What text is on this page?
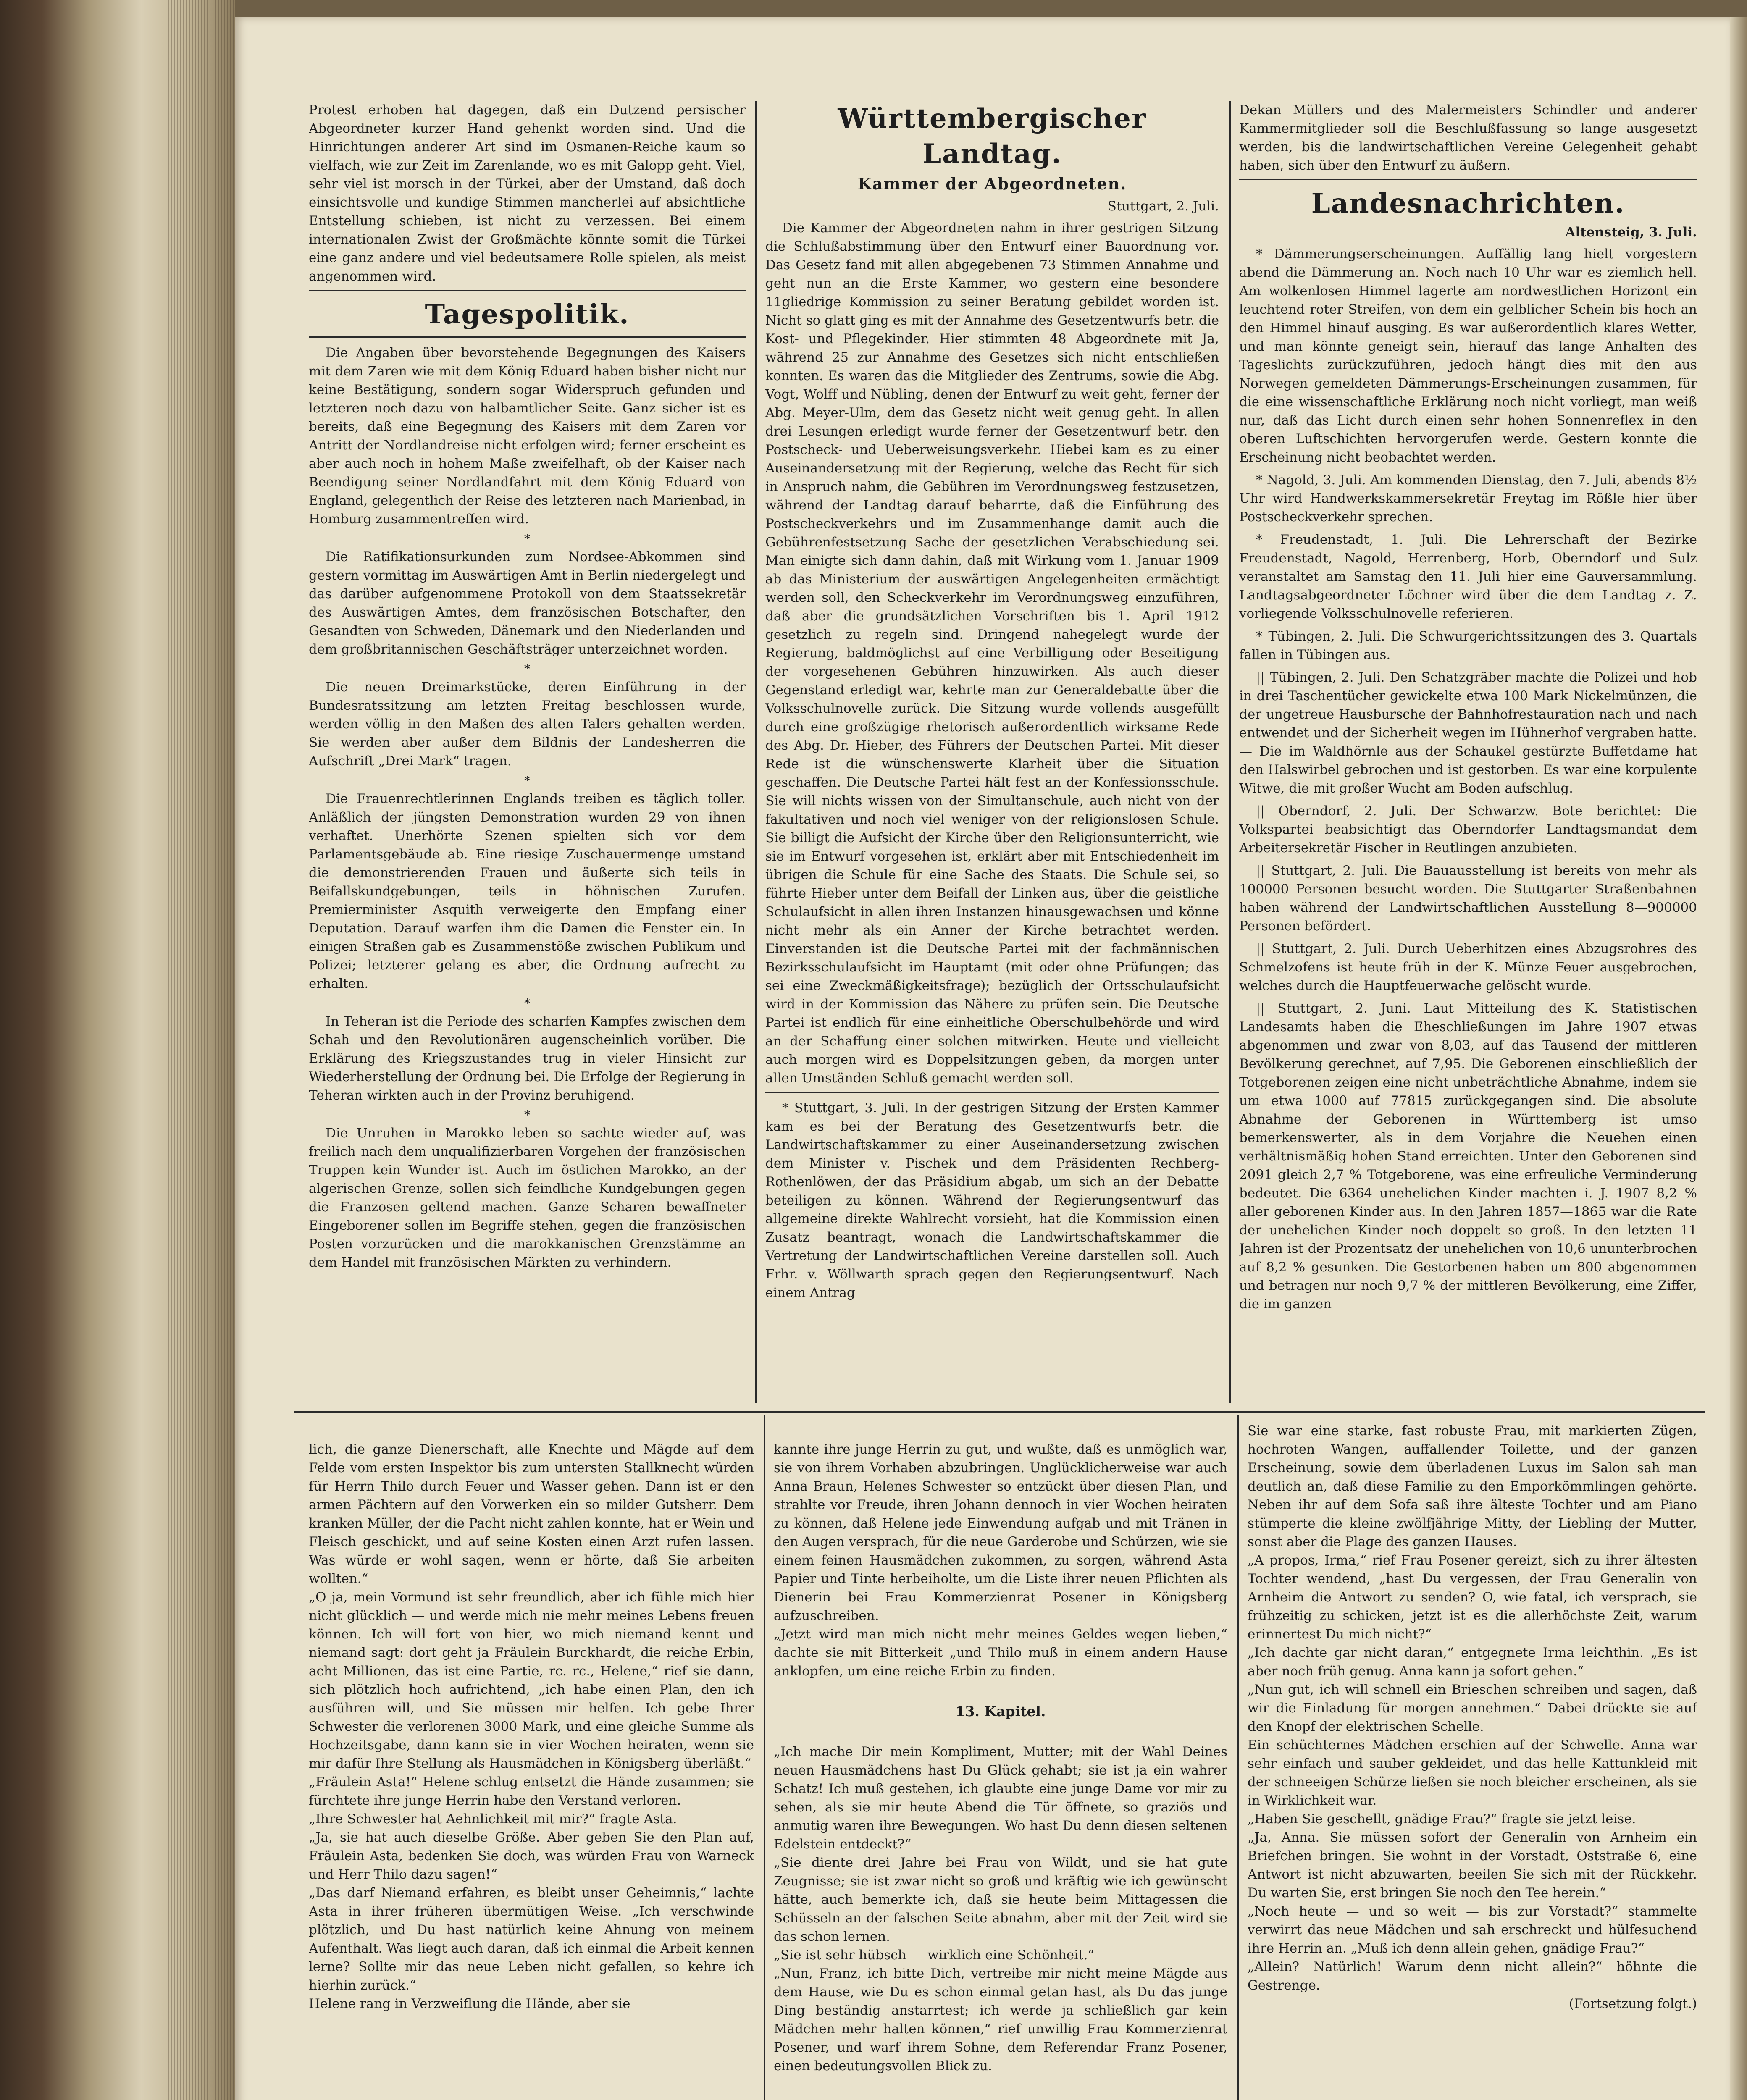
Protest erhoben hat dagegen, daß ein Dutzend persischer Abgeordneter kurzer Hand gehenkt worden sind. Und die Hinrichtungen anderer Art sind im Osmanen-Reiche kaum so vielfach, wie zur Zeit im Zarenlande, wo es mit Galopp geht. Viel, sehr viel ist morsch in der Türkei, aber der Umstand, daß doch einsichtsvolle und kundige Stimmen mancherlei auf absichtliche Entstellung schieben, ist nicht zu verzessen. Bei einem internationalen Zwist der Großmächte könnte somit die Türkei eine ganz andere und viel bedeutsamere Rolle spielen, als meist angenommen wird.

Tagespolitik.

Die Angaben über bevorstehende Begegnungen des Kaisers mit dem Zaren wie mit dem König Eduard haben bisher nicht nur keine Bestätigung, sondern sogar Widerspruch gefunden und letzteren noch dazu von halbamtlicher Seite. Ganz sicher ist es bereits, daß eine Begegnung des Kaisers mit dem Zaren vor Antritt der Nordlandreise nicht erfolgen wird; ferner erscheint es aber auch noch in hohem Maße zweifelhaft, ob der Kaiser nach Beendigung seiner Nordlandfahrt mit dem König Eduard von England, gelegentlich der Reise des letzteren nach Marienbad, in Homburg zusammentreffen wird.

*

Die Ratifikationsurkunden zum Nordsee-Abkommen sind gestern vormittag im Auswärtigen Amt in Berlin niedergelegt und das darüber aufgenommene Protokoll von dem Staatssekretär des Auswärtigen Amtes, dem französischen Botschafter, den Gesandten von Schweden, Dänemark und den Niederlanden und dem großbritannischen Geschäftsträger unterzeichnet worden.

*

Die neuen Dreimarkstücke, deren Einführung in der Bundesratssitzung am letzten Freitag beschlossen wurde, werden völlig in den Maßen des alten Talers gehalten werden. Sie werden aber außer dem Bildnis der Landesherren die Aufschrift „Drei Mark“ tragen.

*

Die Frauenrechtlerinnen Englands treiben es täglich toller. Anläßlich der jüngsten Demonstration wurden 29 von ihnen verhaftet. Unerhörte Szenen spielten sich vor dem Parlamentsgebäude ab. Eine riesige Zuschauermenge umstand die demonstrierenden Frauen und äußerte sich teils in Beifallskundgebungen, teils in höhnischen Zurufen. Premierminister Asquith verweigerte den Empfang einer Deputation. Darauf warfen ihm die Damen die Fenster ein. In einigen Straßen gab es Zusammenstöße zwischen Publikum und Polizei; letzterer gelang es aber, die Ordnung aufrecht zu erhalten.

*

In Teheran ist die Periode des scharfen Kampfes zwischen dem Schah und den Revolutionären augenscheinlich vorüber. Die Erklärung des Kriegszustandes trug in vieler Hinsicht zur Wiederherstellung der Ordnung bei. Die Erfolge der Regierung in Teheran wirkten auch in der Provinz beruhigend.

*

Die Unruhen in Marokko leben so sachte wieder auf, was freilich nach dem unqualifizierbaren Vorgehen der französischen Truppen kein Wunder ist. Auch im östlichen Marokko, an der algerischen Grenze, sollen sich feindliche Kundgebungen gegen die Franzosen geltend machen. Ganze Scharen bewaffneter Eingeborener sollen im Begriffe stehen, gegen die französischen Posten vorzurücken und die marokkanischen Grenzstämme an dem Handel mit französischen Märkten zu verhindern.

Württembergischer Landtag.
Kammer der Abgeordneten.
Stuttgart, 2. Juli.

Die Kammer der Abgeordneten nahm in ihrer gestrigen Sitzung die Schlußabstimmung über den Entwurf einer Bauordnung vor. Das Gesetz fand mit allen abgegebenen 73 Stimmen Annahme und geht nun an die Erste Kammer, wo gestern eine besondere 11gliedrige Kommission zu seiner Beratung gebildet worden ist. Nicht so glatt ging es mit der Annahme des Gesetzentwurfs betr. die Kost- und Pflegekinder. Hier stimmten 48 Abgeordnete mit Ja, während 25 zur Annahme des Gesetzes sich nicht entschließen konnten. Es waren das die Mitglieder des Zentrums, sowie die Abg. Vogt, Wolff und Nübling, denen der Entwurf zu weit geht, ferner der Abg. Meyer-Ulm, dem das Gesetz nicht weit genug geht. In allen drei Lesungen erledigt wurde ferner der Gesetzentwurf betr. den Postscheck- und Ueberweisungsverkehr. Hiebei kam es zu einer Auseinandersetzung mit der Regierung, welche das Recht für sich in Anspruch nahm, die Gebühren im Verordnungsweg festzusetzen, während der Landtag darauf beharrte, daß die Einführung des Postscheckverkehrs und im Zusammenhange damit auch die Gebührenfestsetzung Sache der gesetzlichen Verabschiedung sei. Man einigte sich dann dahin, daß mit Wirkung vom 1. Januar 1909 ab das Ministerium der auswärtigen Angelegenheiten ermächtigt werden soll, den Scheckverkehr im Verordnungsweg einzuführen, daß aber die grundsätzlichen Vorschriften bis 1. April 1912 gesetzlich zu regeln sind. Dringend nahegelegt wurde der Regierung, baldmöglichst auf eine Verbilligung oder Beseitigung der vorgesehenen Gebühren hinzuwirken. Als auch dieser Gegenstand erledigt war, kehrte man zur Generaldebatte über die Volksschulnovelle zurück. Die Sitzung wurde vollends ausgefüllt durch eine großzügige rhetorisch außerordentlich wirksame Rede des Abg. Dr. Hieber, des Führers der Deutschen Partei. Mit dieser Rede ist die wünschenswerte Klarheit über die Situation geschaffen. Die Deutsche Partei hält fest an der Konfessionsschule. Sie will nichts wissen von der Simultanschule, auch nicht von der fakultativen und noch viel weniger von der religionslosen Schule. Sie billigt die Aufsicht der Kirche über den Religionsunterricht, wie sie im Entwurf vorgesehen ist, erklärt aber mit Entschiedenheit im übrigen die Schule für eine Sache des Staats. Die Schule sei, so führte Hieber unter dem Beifall der Linken aus, über die geistliche Schulaufsicht in allen ihren Instanzen hinausgewachsen und könne nicht mehr als ein Anner der Kirche betrachtet werden. Einverstanden ist die Deutsche Partei mit der fachmännischen Bezirksschulaufsicht im Hauptamt (mit oder ohne Prüfungen; das sei eine Zweckmäßigkeitsfrage); bezüglich der Ortsschulaufsicht wird in der Kommission das Nähere zu prüfen sein. Die Deutsche Partei ist endlich für eine einheitliche Oberschulbehörde und wird an der Schaffung einer solchen mitwirken. Heute und vielleicht auch morgen wird es Doppelsitzungen geben, da morgen unter allen Umständen Schluß gemacht werden soll.

* Stuttgart, 3. Juli. In der gestrigen Sitzung der Ersten Kammer kam es bei der Beratung des Gesetzentwurfs betr. die Landwirtschaftskammer zu einer Auseinandersetzung zwischen dem Minister v. Pischek und dem Präsidenten Rechberg-Rothenlöwen, der das Präsidium abgab, um sich an der Debatte beteiligen zu können. Während der Regierungsentwurf das allgemeine direkte Wahlrecht vorsieht, hat die Kommission einen Zusatz beantragt, wonach die Landwirtschaftskammer die Vertretung der Landwirtschaftlichen Vereine darstellen soll. Auch Frhr. v. Wöllwarth sprach gegen den Regierungsentwurf. Nach einem Antrag

Dekan Müllers und des Malermeisters Schindler und anderer Kammermitglieder soll die Beschlußfassung so lange ausgesetzt werden, bis die landwirtschaftlichen Vereine Gelegenheit gehabt haben, sich über den Entwurf zu äußern.

Landesnachrichten.
Altensteig, 3. Juli.

* Dämmerungserscheinungen. Auffällig lang hielt vorgestern abend die Dämmerung an. Noch nach 10 Uhr war es ziemlich hell. Am wolkenlosen Himmel lagerte am nordwestlichen Horizont ein leuchtend roter Streifen, von dem ein gelblicher Schein bis hoch an den Himmel hinauf ausging. Es war außerordentlich klares Wetter, und man könnte geneigt sein, hierauf das lange Anhalten des Tageslichts zurückzuführen, jedoch hängt dies mit den aus Norwegen gemeldeten Dämmerungs-Erscheinungen zusammen, für die eine wissenschaftliche Erklärung noch nicht vorliegt, man weiß nur, daß das Licht durch einen sehr hohen Sonnenreflex in den oberen Luftschichten hervorgerufen werde. Gestern konnte die Erscheinung nicht beobachtet werden.

* Nagold, 3. Juli. Am kommenden Dienstag, den 7. Juli, abends 8½ Uhr wird Handwerkskammersekretär Freytag im Rößle hier über Postscheckverkehr sprechen.

* Freudenstadt, 1. Juli. Die Lehrerschaft der Bezirke Freudenstadt, Nagold, Herrenberg, Horb, Oberndorf und Sulz veranstaltet am Samstag den 11. Juli hier eine Gauversammlung. Landtagsabgeordneter Löchner wird über die dem Landtag z. Z. vorliegende Volksschulnovelle referieren.

* Tübingen, 2. Juli. Die Schwurgerichtssitzungen des 3. Quartals fallen in Tübingen aus.

|| Tübingen, 2. Juli. Den Schatzgräber machte die Polizei und hob in drei Taschentücher gewickelte etwa 100 Mark Nickelmünzen, die der ungetreue Hausbursche der Bahnhofrestauration nach und nach entwendet und der Sicherheit wegen im Hühnerhof vergraben hatte. — Die im Waldhörnle aus der Schaukel gestürzte Buffetdame hat den Halswirbel gebrochen und ist gestorben. Es war eine korpulente Witwe, die mit großer Wucht am Boden aufschlug.

|| Oberndorf, 2. Juli. Der Schwarzw. Bote berichtet: Die Volkspartei beabsichtigt das Oberndorfer Landtagsmandat dem Arbeitersekretär Fischer in Reutlingen anzubieten.

|| Stuttgart, 2. Juli. Die Bauausstellung ist bereits von mehr als 100000 Personen besucht worden. Die Stuttgarter Straßenbahnen haben während der Landwirtschaftlichen Ausstellung 8—900000 Personen befördert.

|| Stuttgart, 2. Juli. Durch Ueberhitzen eines Abzugsrohres des Schmelzofens ist heute früh in der K. Münze Feuer ausgebrochen, welches durch die Hauptfeuerwache gelöscht wurde.

|| Stuttgart, 2. Juni. Laut Mitteilung des K. Statistischen Landesamts haben die Eheschließungen im Jahre 1907 etwas abgenommen und zwar von 8,03, auf das Tausend der mittleren Bevölkerung gerechnet, auf 7,95. Die Geborenen einschließlich der Totgeborenen zeigen eine nicht unbeträchtliche Abnahme, indem sie um etwa 1000 auf 77815 zurückgegangen sind. Die absolute Abnahme der Geborenen in Württemberg ist umso bemerkenswerter, als in dem Vorjahre die Neuehen einen verhältnismäßig hohen Stand erreichten. Unter den Geborenen sind 2091 gleich 2,7 % Totgeborene, was eine erfreuliche Verminderung bedeutet. Die 6364 unehelichen Kinder machten i. J. 1907 8,2 % aller geborenen Kinder aus. In den Jahren 1857—1865 war die Rate der unehelichen Kinder noch doppelt so groß. In den letzten 11 Jahren ist der Prozentsatz der unehelichen von 10,6 ununterbrochen auf 8,2 % gesunken. Die Gestorbenen haben um 800 abgenommen und betragen nur noch 9,7 % der mittleren Bevölkerung, eine Ziffer, die im ganzen

lich, die ganze Dienerschaft, alle Knechte und Mägde auf dem Felde vom ersten Inspektor bis zum untersten Stallknecht würden für Herrn Thilo durch Feuer und Wasser gehen. Dann ist er den armen Pächtern auf den Vorwerken ein so milder Gutsherr. Dem kranken Müller, der die Pacht nicht zahlen konnte, hat er Wein und Fleisch geschickt, und auf seine Kosten einen Arzt rufen lassen. Was würde er wohl sagen, wenn er hörte, daß Sie arbeiten wollten.“
„O ja, mein Vormund ist sehr freundlich, aber ich fühle mich hier nicht glücklich — und werde mich nie mehr meines Lebens freuen können. Ich will fort von hier, wo mich niemand kennt und niemand sagt: dort geht ja Fräulein Burckhardt, die reiche Erbin, acht Millionen, das ist eine Partie, rc. rc., Helene,“ rief sie dann, sich plötzlich hoch aufrichtend, „ich habe einen Plan, den ich ausführen will, und Sie müssen mir helfen. Ich gebe Ihrer Schwester die verlorenen 3000 Mark, und eine gleiche Summe als Hochzeitsgabe, dann kann sie in vier Wochen heiraten, wenn sie mir dafür Ihre Stellung als Hausmädchen in Königsberg überläßt.“
„Fräulein Asta!“ Helene schlug entsetzt die Hände zusammen; sie fürchtete ihre junge Herrin habe den Verstand verloren.
„Ihre Schwester hat Aehnlichkeit mit mir?“ fragte Asta.
„Ja, sie hat auch dieselbe Größe. Aber geben Sie den Plan auf, Fräulein Asta, bedenken Sie doch, was würden Frau von Warneck und Herr Thilo dazu sagen!“
„Das darf Niemand erfahren, es bleibt unser Geheimnis,“ lachte Asta in ihrer früheren übermütigen Weise. „Ich verschwinde plötzlich, und Du hast natürlich keine Ahnung von meinem Aufenthalt. Was liegt auch daran, daß ich einmal die Arbeit kennen lerne? Sollte mir das neue Leben nicht gefallen, so kehre ich hierhin zurück.“
Helene rang in Verzweiflung die Hände, aber sie

kannte ihre junge Herrin zu gut, und wußte, daß es unmöglich war, sie von ihrem Vorhaben abzubringen. Unglücklicherweise war auch Anna Braun, Helenes Schwester so entzückt über diesen Plan, und strahlte vor Freude, ihren Johann dennoch in vier Wochen heiraten zu können, daß Helene jede Einwendung aufgab und mit Tränen in den Augen versprach, für die neue Garderobe und Schürzen, wie sie einem feinen Hausmädchen zukommen, zu sorgen, während Asta Papier und Tinte herbeiholte, um die Liste ihrer neuen Pflichten als Dienerin bei Frau Kommerzienrat Posener in Königsberg aufzuschreiben.
„Jetzt wird man mich nicht mehr meines Geldes wegen lieben,“ dachte sie mit Bitterkeit „und Thilo muß in einem andern Hause anklopfen, um eine reiche Erbin zu finden.

13. Kapitel.

„Ich mache Dir mein Kompliment, Mutter; mit der Wahl Deines neuen Hausmädchens hast Du Glück gehabt; sie ist ja ein wahrer Schatz! Ich muß gestehen, ich glaubte eine junge Dame vor mir zu sehen, als sie mir heute Abend die Tür öffnete, so graziös und anmutig waren ihre Bewegungen. Wo hast Du denn diesen seltenen Edelstein entdeckt?“
„Sie diente drei Jahre bei Frau von Wildt, und sie hat gute Zeugnisse; sie ist zwar nicht so groß und kräftig wie ich gewünscht hätte, auch bemerkte ich, daß sie heute beim Mittagessen die Schüsseln an der falschen Seite abnahm, aber mit der Zeit wird sie das schon lernen.
„Sie ist sehr hübsch — wirklich eine Schönheit.“
„Nun, Franz, ich bitte Dich, vertreibe mir nicht meine Mägde aus dem Hause, wie Du es schon einmal getan hast, als Du das junge Ding beständig anstarrtest; ich werde ja schließlich gar kein Mädchen mehr halten können,“ rief unwillig Frau Kommerzienrat Posener, und warf ihrem Sohne, dem Referendar Franz Posener, einen bedeutungsvollen Blick zu.

Sie war eine starke, fast robuste Frau, mit markierten Zügen, hochroten Wangen, auffallender Toilette, und der ganzen Erscheinung, sowie dem überladenen Luxus im Salon sah man deutlich an, daß diese Familie zu den Emporkömmlingen gehörte. Neben ihr auf dem Sofa saß ihre älteste Tochter und am Piano stümperte die kleine zwölfjährige Mitty, der Liebling der Mutter, sonst aber die Plage des ganzen Hauses.
„A propos, Irma,“ rief Frau Posener gereizt, sich zu ihrer ältesten Tochter wendend, „hast Du vergessen, der Frau Generalin von Arnheim die Antwort zu senden? O, wie fatal, ich versprach, sie frühzeitig zu schicken, jetzt ist es die allerhöchste Zeit, warum erinnertest Du mich nicht?“
„Ich dachte gar nicht daran,“ entgegnete Irma leichthin. „Es ist aber noch früh genug. Anna kann ja sofort gehen.“
„Nun gut, ich will schnell ein Brieschen schreiben und sagen, daß wir die Einladung für morgen annehmen.“ Dabei drückte sie auf den Knopf der elektrischen Schelle.
Ein schüchternes Mädchen erschien auf der Schwelle. Anna war sehr einfach und sauber gekleidet, und das helle Kattunkleid mit der schneeigen Schürze ließen sie noch bleicher erscheinen, als sie in Wirklichkeit war.
„Haben Sie geschellt, gnädige Frau?“ fragte sie jetzt leise.
„Ja, Anna. Sie müssen sofort der Generalin von Arnheim ein Briefchen bringen. Sie wohnt in der Vorstadt, Oststraße 6, eine Antwort ist nicht abzuwarten, beeilen Sie sich mit der Rückkehr. Du warten Sie, erst bringen Sie noch den Tee herein.“
„Noch heute — und so weit — bis zur Vorstadt?“ stammelte verwirrt das neue Mädchen und sah erschreckt und hülfesuchend ihre Herrin an. „Muß ich denn allein gehen, gnädige Frau?“
„Allein? Natürlich! Warum denn nicht allein?“ höhnte die Gestrenge.
(Fortsetzung folgt.)
